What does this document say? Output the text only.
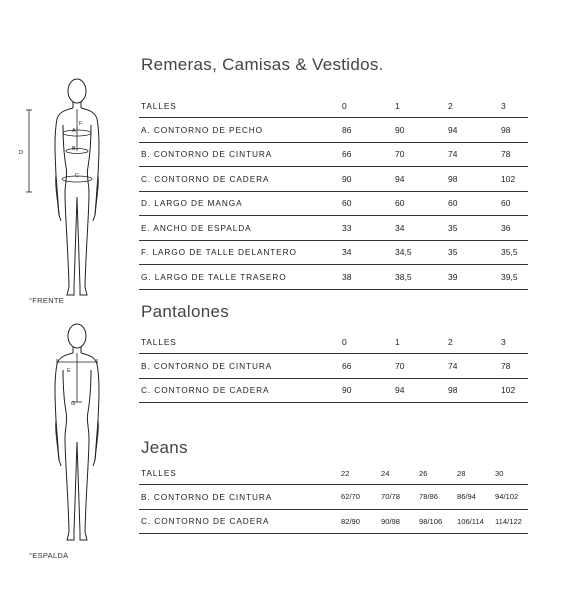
A
B
C
D
F
°FRENTE
E
G
°ESPALDA
Remeras, Camisas & Vestidos.
TALLES	0	1	2	3
A. CONTORNO DE PECHO	86	90	94	98
B. CONTORNO DE CINTURA	66	70	74	78
C. CONTORNO DE CADERA	90	94	98	102
D. LARGO DE MANGA	60	60	60	60
E. ANCHO DE ESPALDA	33	34	35	36
F. LARGO DE TALLE DELANTERO	34	34,5	35	35,5
G. LARGO DE TALLE TRASERO	38	38,5	39	39,5
Pantalones
TALLES	0	1	2	3
B. CONTORNO DE CINTURA	66	70	74	78
C. CONTORNO DE CADERA	90	94	98	102
Jeans
TALLES	22	24	26	28	30
B. CONTORNO DE CINTURA	62/70	70/78	78/86	86/94	94/102
C. CONTORNO DE CADERA	82/90	90/98	98/106	106/114	114/122
